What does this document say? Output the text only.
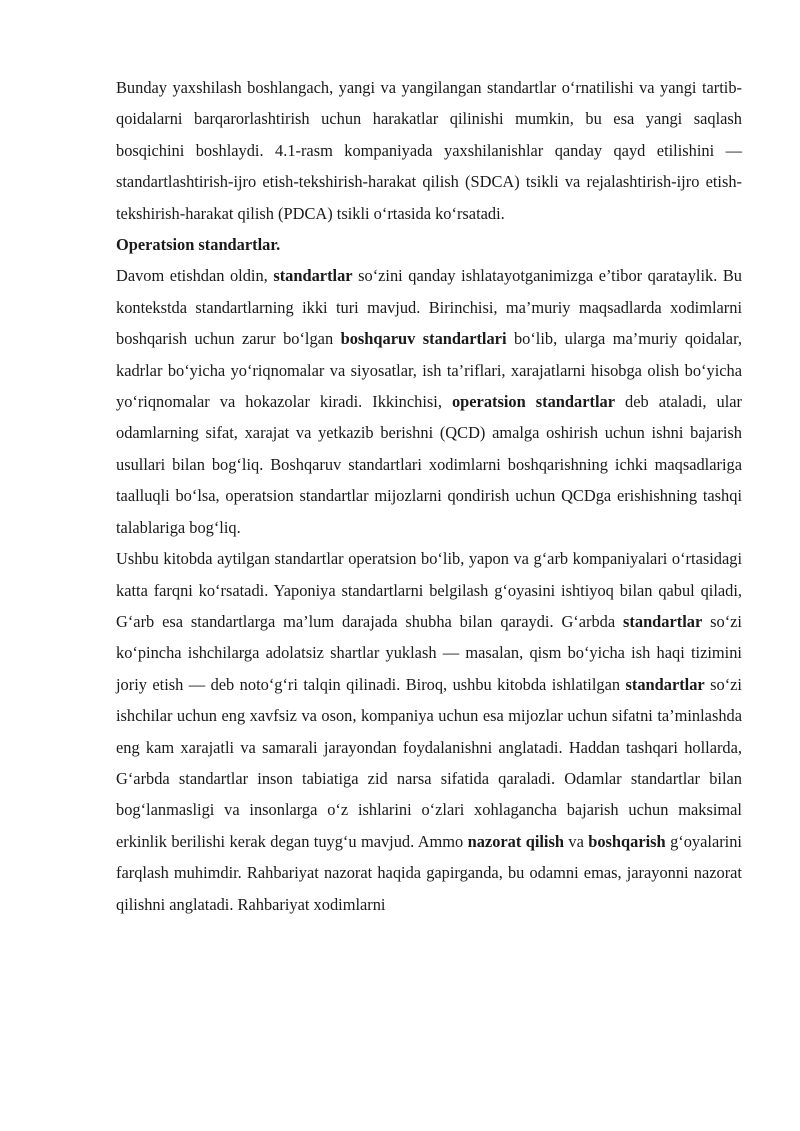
Bunday yaxshilash boshlangach, yangi va yangilangan standartlar o‘rnatilishi va yangi tartib-qoidalarni barqarorlashtirish uchun harakatlar qilinishi mumkin, bu esa yangi saqlash bosqichini boshlaydi. 4.1-rasm kompaniyada yaxshilanishlar qanday qayd etilishini — standartlashtirish-ijro etish-tekshirish-harakat qilish (SDCA) tsikli va rejalashtirish-ijro etish-tekshirish-harakat qilish (PDCA) tsikli o‘rtasida ko‘rsatadi.

Operatsion standartlar.

Davom etishdan oldin, standartlar so‘zini qanday ishlatayotganimizga e’tibor qarataylik. Bu kontekstda standartlarning ikki turi mavjud. Birinchisi, ma’muriy maqsadlarda xodimlarni boshqarish uchun zarur bo‘lgan boshqaruv standartlari bo‘lib, ularga ma’muriy qoidalar, kadrlar bo‘yicha yo‘riqnomalar va siyosatlar, ish ta’riflari, xarajatlarni hisobga olish bo‘yicha yo‘riqnomalar va hokazolar kiradi. Ikkinchisi, operatsion standartlar deb ataladi, ular odamlarning sifat, xarajat va yetkazib berishni (QCD) amalga oshirish uchun ishni bajarish usullari bilan bog‘liq. Boshqaruv standartlari xodimlarni boshqarishning ichki maqsadlariga taalluqli bo‘lsa, operatsion standartlar mijozlarni qondirish uchun QCDga erishishning tashqi talablariga bog‘liq.

Ushbu kitobda aytilgan standartlar operatsion bo‘lib, yapon va g‘arb kompaniyalari o‘rtasidagi katta farqni ko‘rsatadi. Yaponiya standartlarni belgilash g‘oyasini ishtiyoq bilan qabul qiladi, G‘arb esa standartlarga ma’lum darajada shubha bilan qaraydi. G‘arbda standartlar so‘zi ko‘pincha ishchilarga adolatsiz shartlar yuklash — masalan, qism bo‘yicha ish haqi tizimini joriy etish — deb noto‘g‘ri talqin qilinadi. Biroq, ushbu kitobda ishlatilgan standartlar so‘zi ishchilar uchun eng xavfsiz va oson, kompaniya uchun esa mijozlar uchun sifatni ta’minlashda eng kam xarajatli va samarali jarayondan foydalanishni anglatadi. Haddan tashqari hollarda, G‘arbda standartlar inson tabiatiga zid narsa sifatida qaraladi. Odamlar standartlar bilan bog‘lanmasligi va insonlarga o‘z ishlarini o‘zlari xohlagancha bajarish uchun maksimal erkinlik berilishi kerak degan tuyg‘u mavjud. Ammo nazorat qilish va boshqarish g‘oyalarini farqlash muhimdir. Rahbariyat nazorat haqida gapirganda, bu odamni emas, jarayonni nazorat qilishni anglatadi. Rahbariyat xodimlarni
